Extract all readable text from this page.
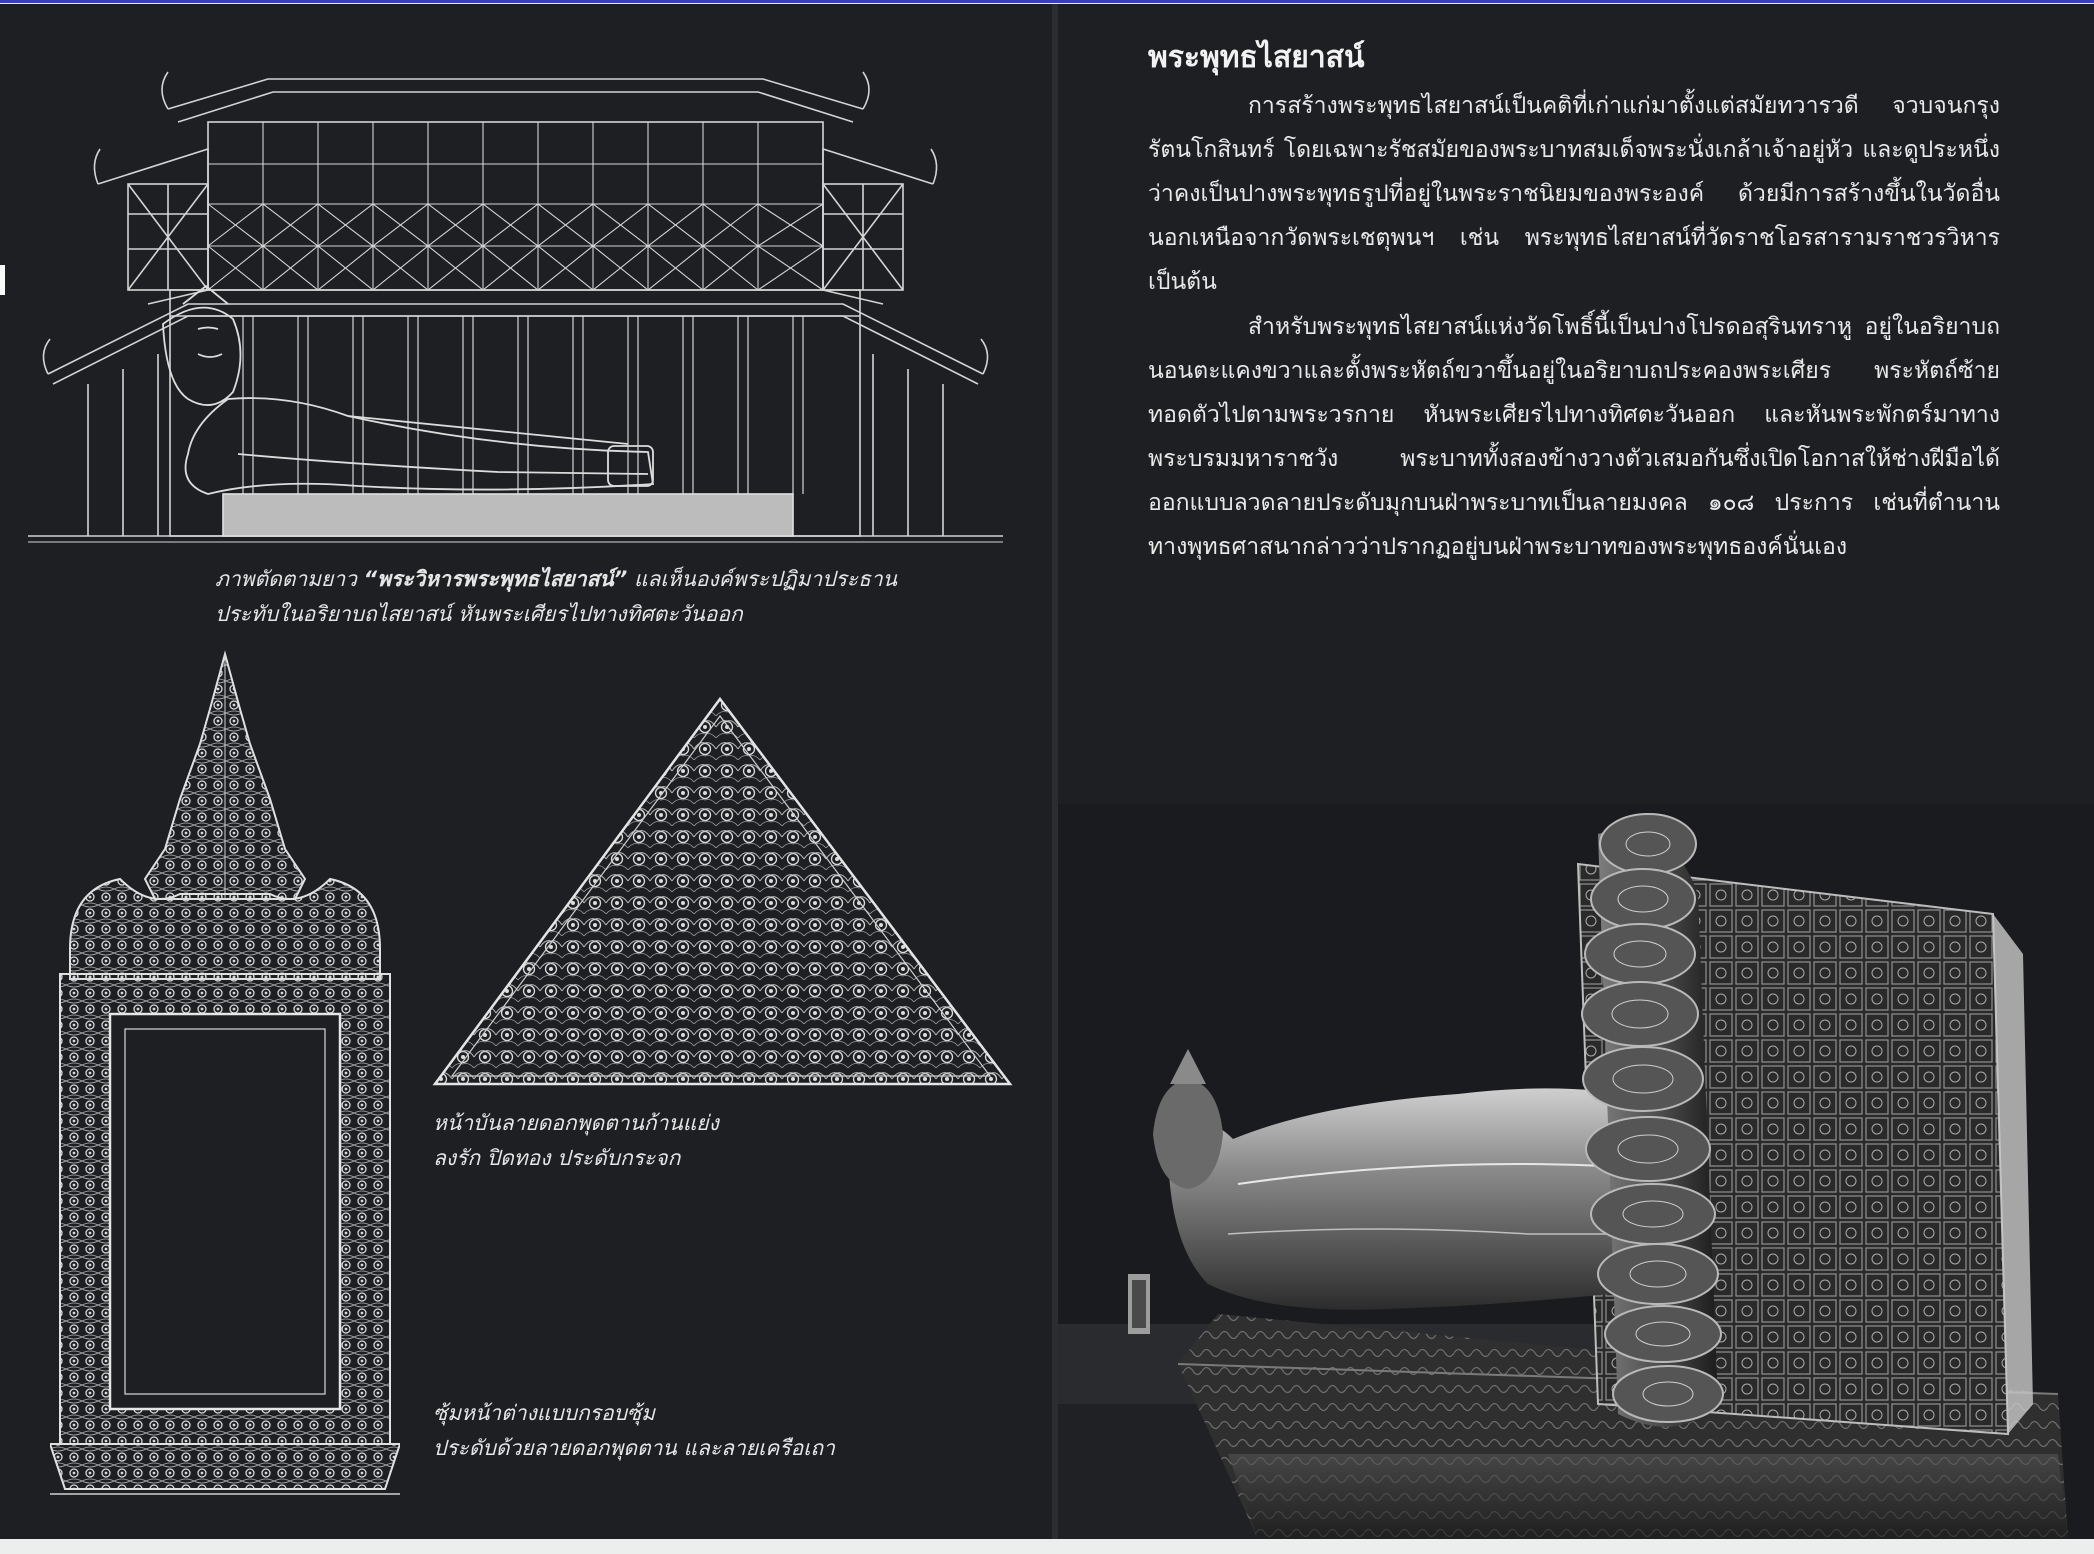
ภาพตัดตามยาว “พระวิหารพระพุทธไสยาสน์” แลเห็นองค์พระปฏิมาประธาน
ประทับในอริยาบถไสยาสน์ หันพระเศียรไปทางทิศตะวันออก
หน้าบันลายดอกพุดตานก้านแย่ง
ลงรัก ปิดทอง ประดับกระจก
ซุ้มหน้าต่างแบบกรอบซุ้ม
ประดับด้วยลายดอกพุดตาน และลายเครือเถา
พระพุทธไสยาสน์

การสร้างพระพุทธไสยาสน์เป็นคติที่เก่าแก่มาตั้งแต่สมัยทวารวดี จวบจนกรุงรัตนโกสินทร์ โดยเฉพาะรัชสมัยของพระบาทสมเด็จพระนั่งเกล้าเจ้าอยู่หัว และดูประหนึ่งว่าคงเป็นปางพระพุทธรูปที่อยู่ในพระราชนิยมของพระองค์ ด้วยมีการสร้างขึ้นในวัดอื่นนอกเหนือจากวัดพระเชตุพนฯ เช่น พระพุทธไสยาสน์ที่วัดราชโอรสารามราชวรวิหาร เป็นต้น

สำหรับพระพุทธไสยาสน์แห่งวัดโพธิ์นี้เป็นปางโปรดอสุรินทราหู อยู่ในอริยาบถนอนตะแคงขวาและตั้งพระหัตถ์ขวาขึ้นอยู่ในอริยาบถประคองพระเศียร พระหัตถ์ซ้ายทอดตัวไปตามพระวรกาย หันพระเศียรไปทางทิศตะวันออก และหันพระพักตร์มาทางพระบรมมหาราชวัง พระบาททั้งสองข้างวางตัวเสมอกันซึ่งเปิดโอกาสให้ช่างฝีมือได้ออกแบบลวดลายประดับมุกบนฝ่าพระบาทเป็นลายมงคล ๑๐๘ ประการ เช่นที่ตำนานทางพุทธศาสนากล่าวว่าปรากฏอยู่บนฝ่าพระบาทของพระพุทธองค์นั่นเอง
